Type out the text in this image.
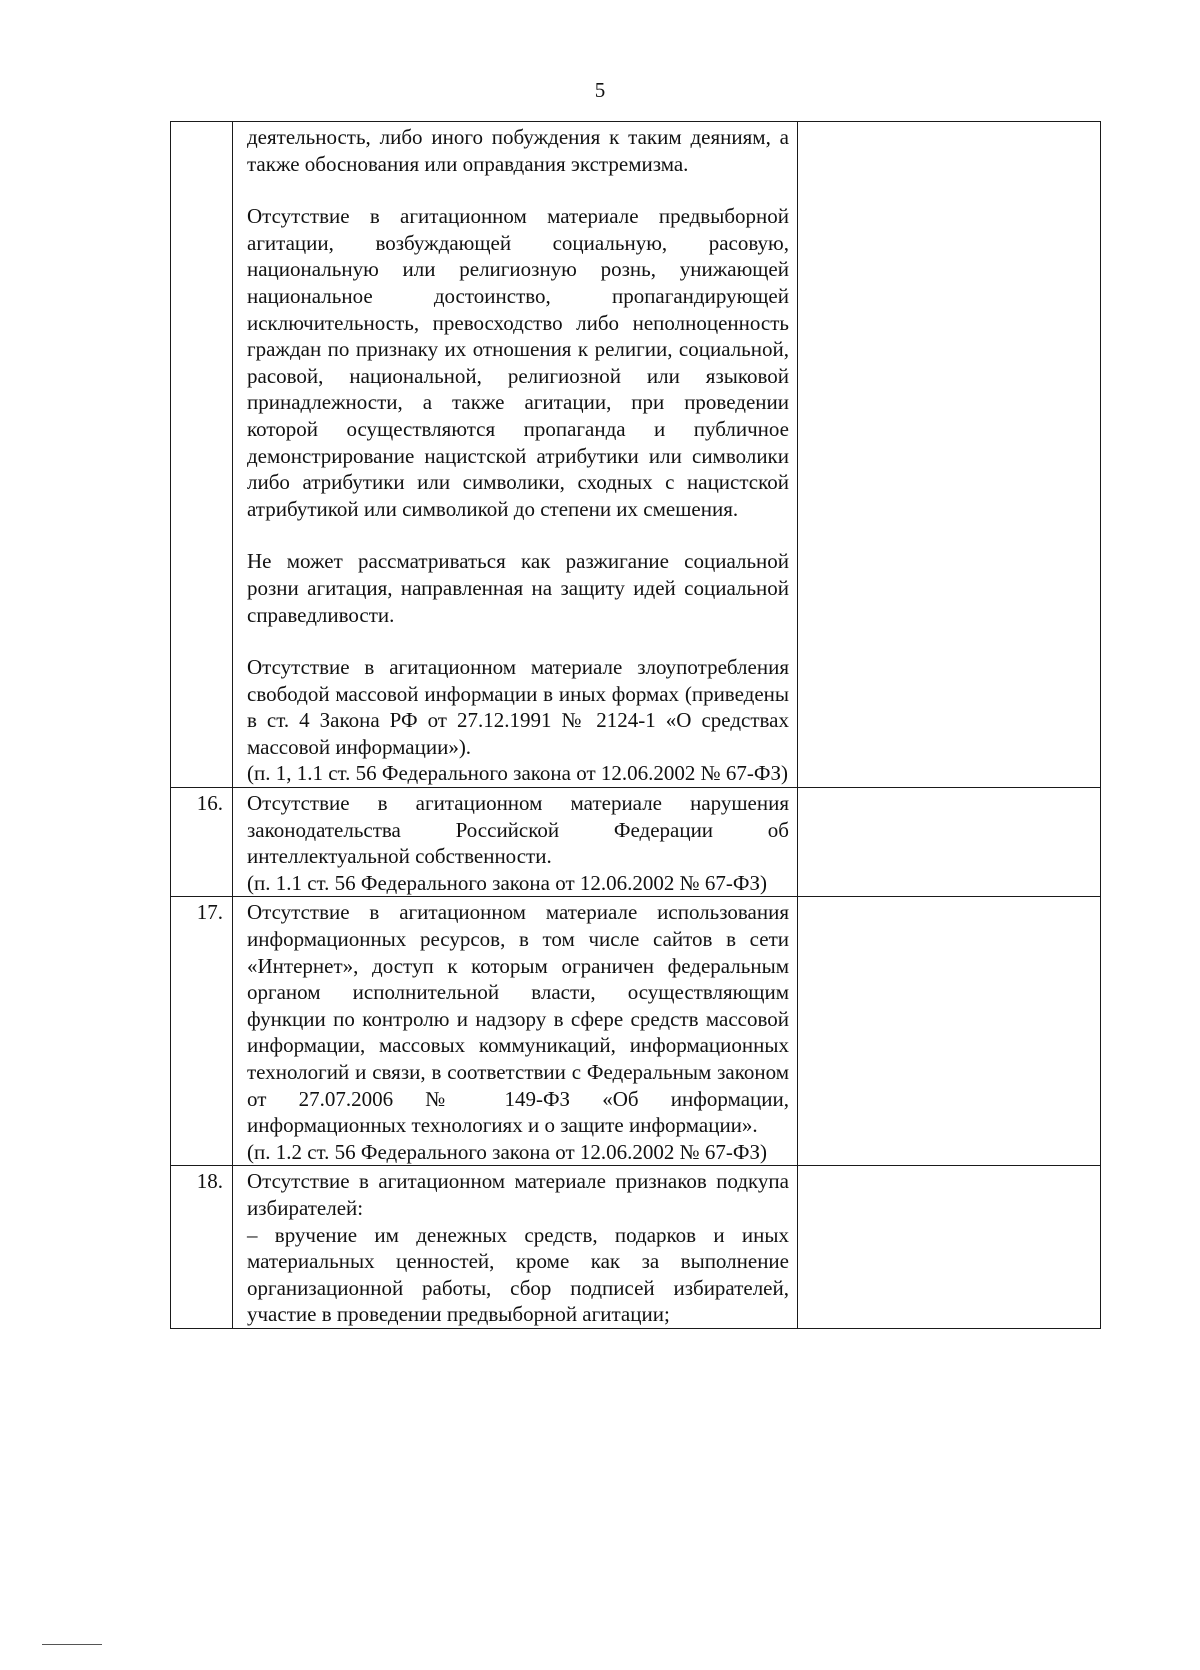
5

	деятельность, либо иного побуждения к таким деяниям, а также обоснования или оправдания экстремизма.

Отсутствие в агитационном материале предвыборной агитации, возбуждающей социальную, расовую, национальную или религиозную рознь, унижающей национальное достоинство, пропагандирующей исключительность, превосходство либо неполноценность граждан по признаку их отношения к религии, социальной, расовой, национальной, религиозной или языковой принадлежности, а также агитации, при проведении которой осуществляются пропаганда и публичное демонстрирование нацистской атрибутики или символики либо атрибутики или символики, сходных с нацистской атрибутикой или символикой до степени их смешения.

Не может рассматриваться как разжигание социальной розни агитация, направленная на защиту идей социальной справедливости.

Отсутствие в агитационном материале злоупотребления свободой массовой информации в иных формах (приведены в ст. 4 Закона РФ от 27.12.1991 № 2124-1 «О средствах массовой информации»).

(п. 1, 1.1 ст. 56 Федерального закона от 12.06.2002 № 67-ФЗ)	

16.	Отсутствие в агитационном материале нарушения законодательства Российской Федерации об интеллектуальной собственности.

(п. 1.1 ст. 56 Федерального закона от 12.06.2002 № 67-ФЗ)	

17.	Отсутствие в агитационном материале использования информационных ресурсов, в том числе сайтов в сети «Интернет», доступ к которым ограничен федеральным органом исполнительной власти, осуществляющим функции по контролю и надзору в сфере средств массовой информации, массовых коммуникаций, информационных технологий и связи, в соответствии с Федеральным законом от 27.07.2006 № 149-ФЗ «Об информации, информационных технологиях и о защите информации».

(п. 1.2 ст. 56 Федерального закона от 12.06.2002 № 67-ФЗ)	

18.	Отсутствие в агитационном материале признаков подкупа избирателей:

– вручение им денежных средств, подарков и иных материальных ценностей, кроме как за выполнение организационной работы, сбор подписей избирателей, участие в проведении предвыборной агитации;	
